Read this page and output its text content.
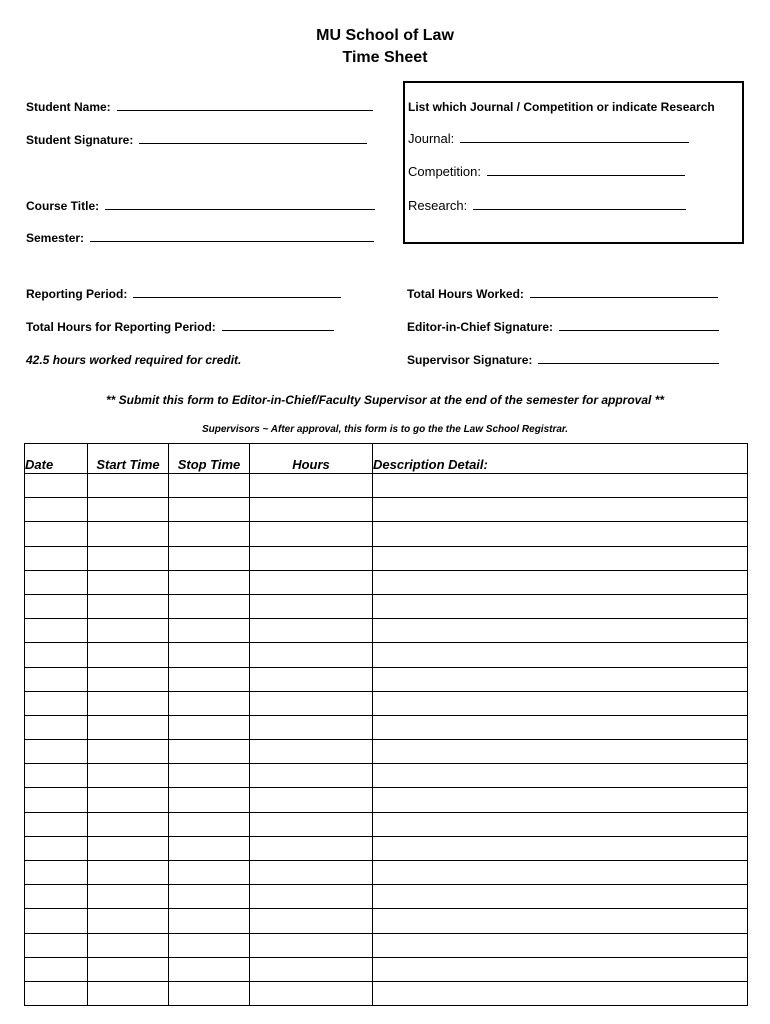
MU School of Law
Time Sheet
Student Name:
Student Signature:
Course Title:
Semester:
List which Journal / Competition or indicate Research
Journal:
Competition:
Research:
Reporting Period:
Total Hours for Reporting Period:
42.5 hours worked required for credit.
Total Hours Worked:
Editor-in-Chief Signature:
Supervisor Signature:
** Submit this form to Editor-in-Chief/Faculty Supervisor at the end of the semester for approval **
Supervisors ~ After approval, this form is to go the the Law School Registrar.
Date	Start Time	Stop Time	Hours	Description Detail:
